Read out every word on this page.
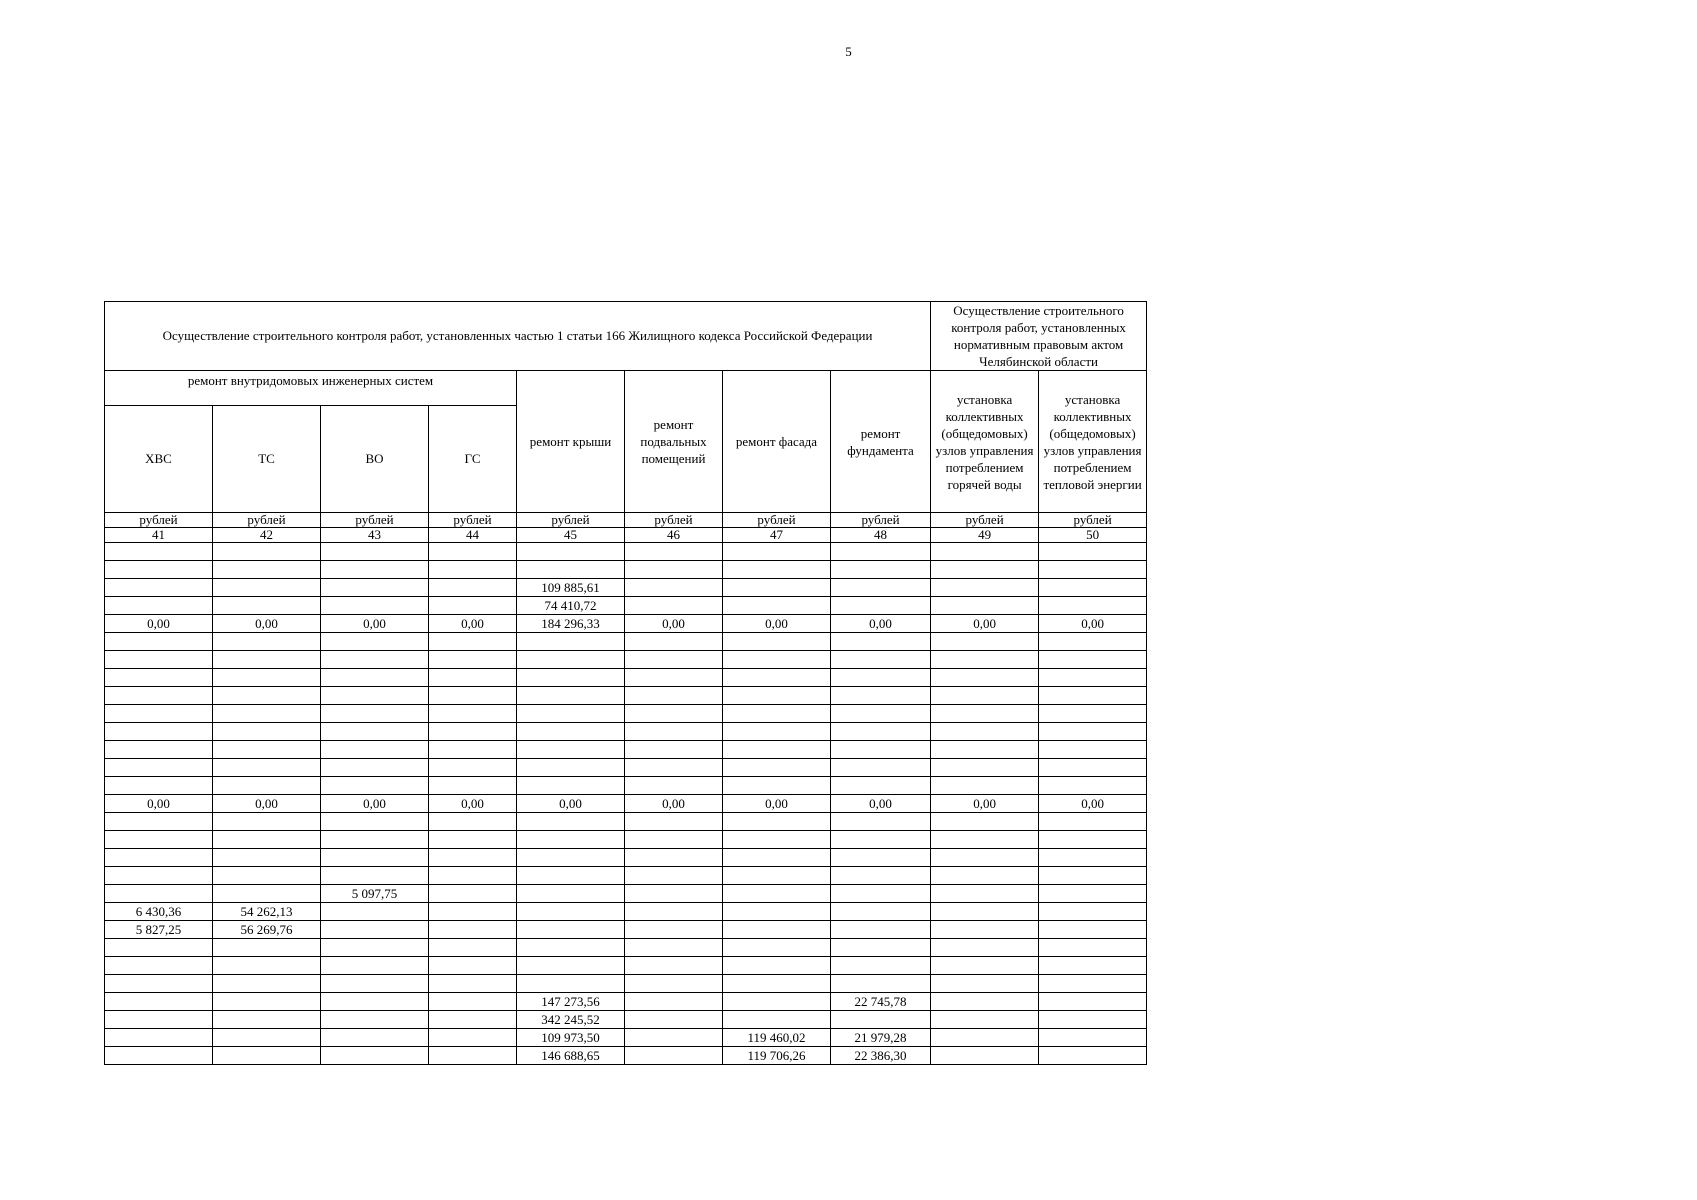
5
Осуществление строительного контроля работ, установленных частью 1 статьи 166 Жилищного кодекса Российской Федерации								Осуществление строительного контроля работ, установленных нормативным правовым актом Челябинской области	
ремонт внутридомовых инженерных систем				ремонт крыши	ремонт подвальных помещений	ремонт фасада	ремонт фундамента	установка коллективных (общедомовых) узлов управления потреблением горячей воды	установка коллективных (общедомовых) узлов управления потреблением тепловой энергии
ХВС	ТС	ВО	ГС						
рублей	рублей	рублей	рублей	рублей	рублей	рублей	рублей	рублей	рублей
41	42	43	44	45	46	47	48	49	50

				109 885,61					
				74 410,72					
0,00	0,00	0,00	0,00	184 296,33	0,00	0,00	0,00	0,00	0,00

0,00	0,00	0,00	0,00	0,00	0,00	0,00	0,00	0,00	0,00

		5 097,75							
6 430,36	54 262,13								
5 827,25	56 269,76								

				147 273,56			22 745,78		
				342 245,52					
				109 973,50		119 460,02	21 979,28		
				146 688,65		119 706,26	22 386,30		
